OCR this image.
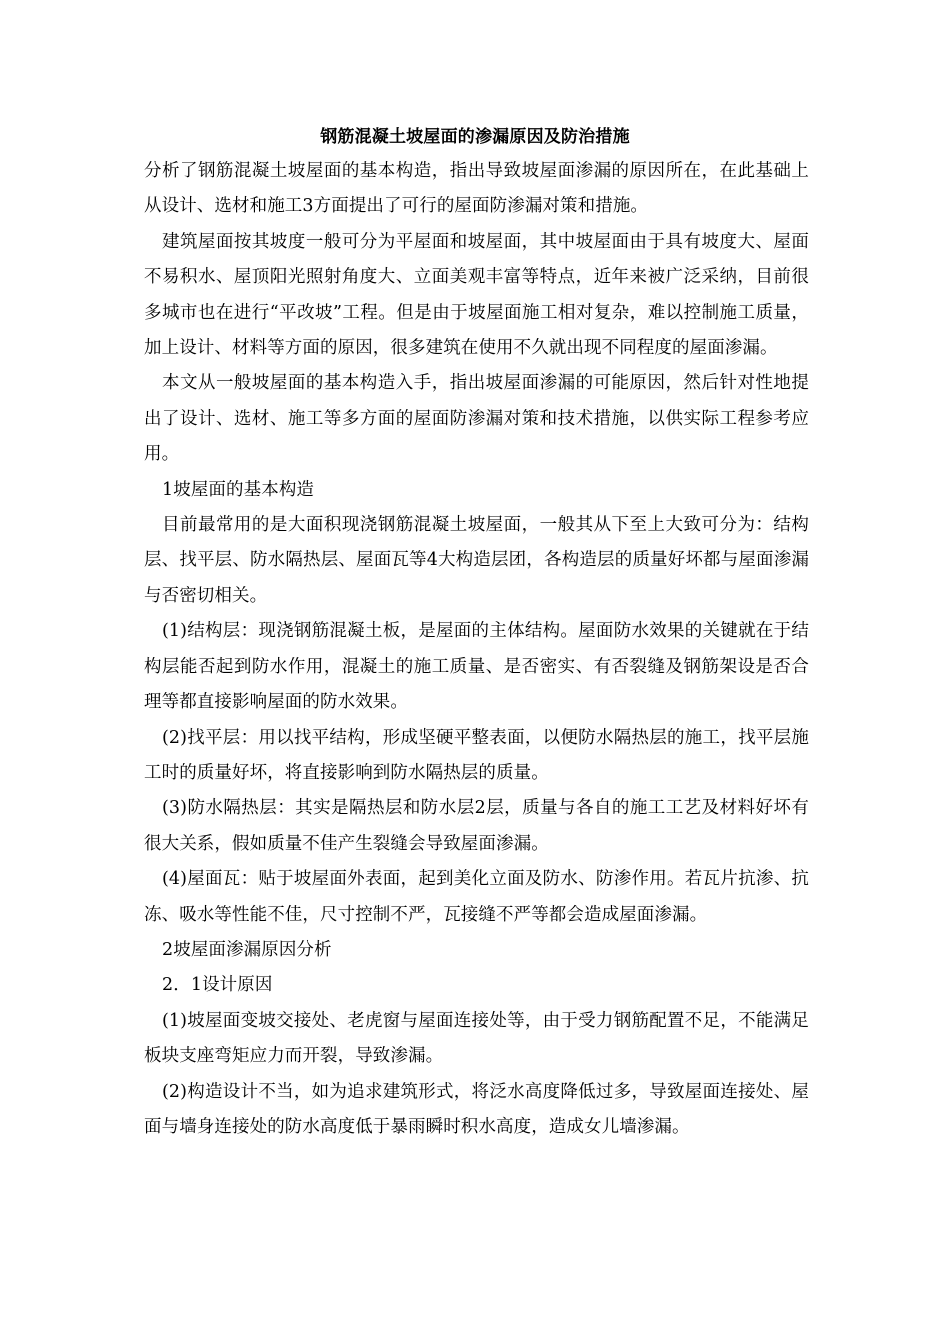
钢筋混凝土坡屋面的渗漏原因及防治措施

分析了钢筋混凝土坡屋面的基本构造，指出导致坡屋面渗漏的原因所在，在此基础上从设计、选材和施工3方面提出了可行的屋面防渗漏对策和措施。

建筑屋面按其坡度一般可分为平屋面和坡屋面，其中坡屋面由于具有坡度大、屋面不易积水、屋顶阳光照射角度大、立面美观丰富等特点，近年来被广泛采纳，目前很多城市也在进行“平改坡”工程。但是由于坡屋面施工相对复杂，难以控制施工质量，加上设计、材料等方面的原因，很多建筑在使用不久就出现不同程度的屋面渗漏。

本文从一般坡屋面的基本构造入手，指出坡屋面渗漏的可能原因，然后针对性地提出了设计、选材、施工等多方面的屋面防渗漏对策和技术措施，以供实际工程参考应用。

1坡屋面的基本构造

目前最常用的是大面积现浇钢筋混凝土坡屋面，一般其从下至上大致可分为：结构层、找平层、防水隔热层、屋面瓦等4大构造层团，各构造层的质量好坏都与屋面渗漏与否密切相关。

(1)结构层：现浇钢筋混凝土板，是屋面的主体结构。屋面防水效果的关键就在于结构层能否起到防水作用，混凝土的施工质量、是否密实、有否裂缝及钢筋架设是否合理等都直接影响屋面的防水效果。

(2)找平层：用以找平结构，形成坚硬平整表面，以便防水隔热层的施工，找平层施工时的质量好坏，将直接影响到防水隔热层的质量。

(3)防水隔热层：其实是隔热层和防水层2层，质量与各自的施工工艺及材料好坏有很大关系，假如质量不佳产生裂缝会导致屋面渗漏。

(4)屋面瓦：贴于坡屋面外表面，起到美化立面及防水、防渗作用。若瓦片抗渗、抗冻、吸水等性能不佳，尺寸控制不严，瓦接缝不严等都会造成屋面渗漏。

2坡屋面渗漏原因分析

2．1设计原因

(1)坡屋面变坡交接处、老虎窗与屋面连接处等，由于受力钢筋配置不足，不能满足板块支座弯矩应力而开裂，导致渗漏。

(2)构造设计不当，如为追求建筑形式，将泛水高度降低过多，导致屋面连接处、屋面与墙身连接处的防水高度低于暴雨瞬时积水高度，造成女儿墙渗漏。
